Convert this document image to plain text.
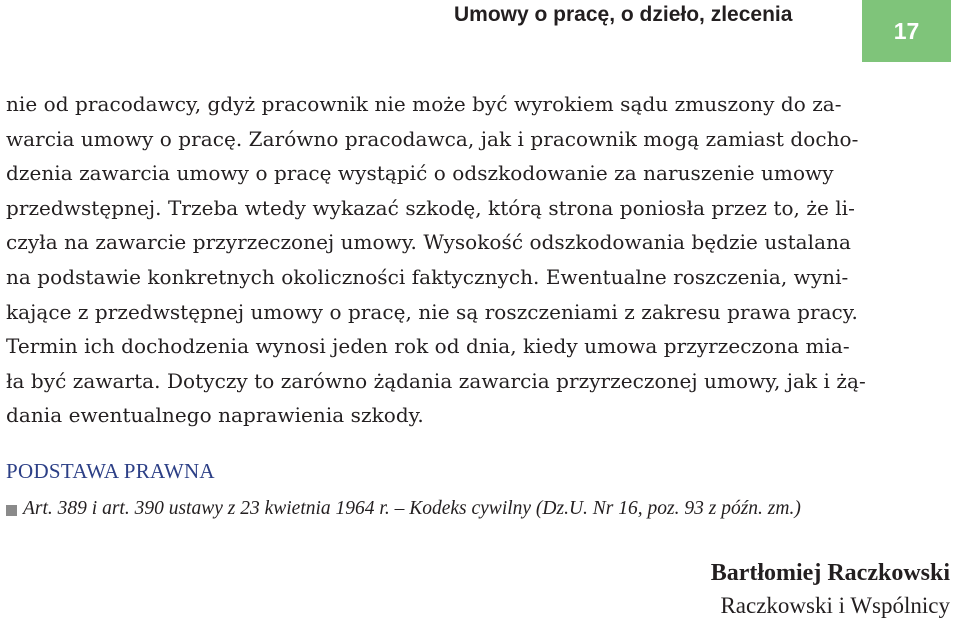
Umowy o pracę, o dzieło, zlecenia
17
nie od pracodawcy, gdyż pracownik nie może być wyrokiem sądu zmuszony do za-
warcia umowy o pracę. Zarówno pracodawca, jak i pracownik mogą zamiast docho-
dzenia zawarcia umowy o pracę wystąpić o odszkodowanie za naruszenie umowy
przedwstępnej. Trzeba wtedy wykazać szkodę, którą strona poniosła przez to, że li-
czyła na zawarcie przyrzeczonej umowy. Wysokość odszkodowania będzie ustalana
na podstawie konkretnych okoliczności faktycznych. Ewentualne roszczenia, wyni-
kające z przedwstępnej umowy o pracę, nie są roszczeniami z zakresu prawa pracy.
Termin ich dochodzenia wynosi jeden rok od dnia, kiedy umowa przyrzeczona mia-
ła być zawarta. Dotyczy to zarówno żądania zawarcia przyrzeczonej umowy, jak i żą-
dania ewentualnego naprawienia szkody.
PODSTAWA PRAWNA
Art. 389 i art. 390 ustawy z 23 kwietnia 1964 r. – Kodeks cywilny (Dz.U. Nr 16, poz. 93 z późn. zm.)
Bartłomiej Raczkowski
Raczkowski i Wspólnicy
